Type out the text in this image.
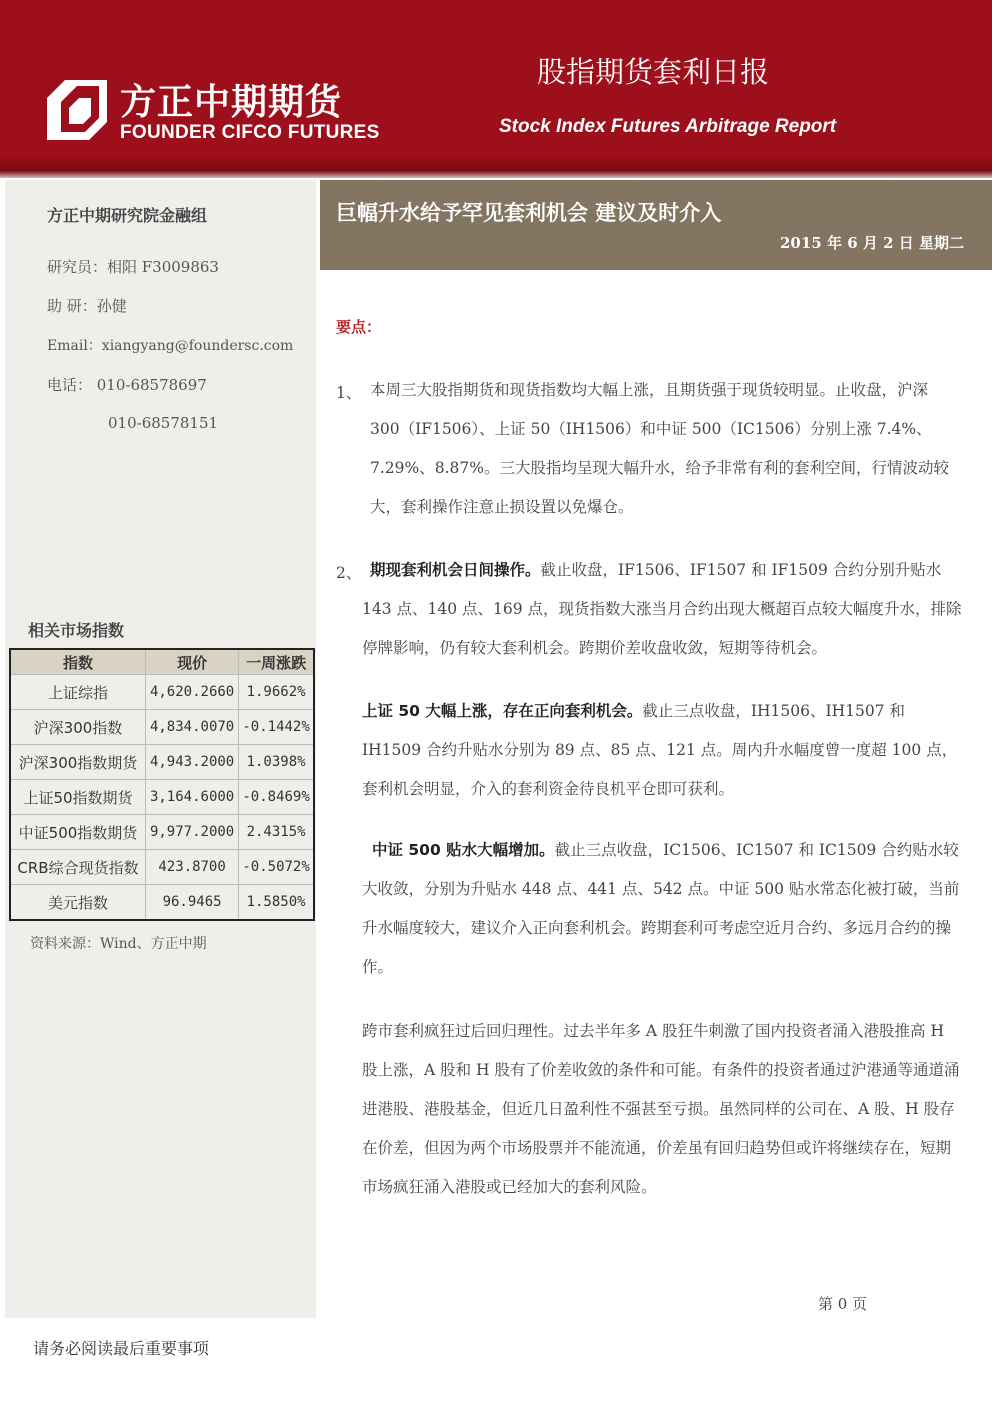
方正中期期货
FOUNDER CIFCO FUTURES
股指期货套利日报
Stock Index Futures Arbitrage Report
方正中期研究院金融组
研究员：相阳 F3009863
助 研：孙健
Email：xiangyang@foundersc.com
电话： 010-68578697
010-68578151
相关市场指数
指数	现价	一周涨跌
上证综指	4,620.2660	1.9662%
沪深300指数	4,834.0070	-0.1442%
沪深300指数期货	4,943.2000	1.0398%
上证50指数期货	3,164.6000	-0.8469%
中证500指数期货	9,977.2000	2.4315%
CRB综合现货指数	423.8700	-0.5072%
美元指数	96.9465	1.5850%
资料来源：Wind、方正中期
巨幅升水给予罕见套利机会 建议及时介入
2015 年 6 月 2 日 星期二
要点：
1、 本周三大股指期货和现货指数均大幅上涨，且期货强于现货较明显。止收盘，沪深 300（IF1506）、上证 50（IH1506）和中证 500（IC1506）分别上涨 7.4%、7.29%、8.87%。三大股指均呈现大幅升水，给予非常有利的套利空间，行情波动较大，套利操作注意止损设置以免爆仓。
2、 期现套利机会日间操作。截止收盘，IF1506、IF1507 和 IF1509 合约分别升贴水 143 点、140 点、169 点，现货指数大涨当月合约出现大概超百点较大幅度升水，排除停牌影响，仍有较大套利机会。跨期价差收盘收敛，短期等待机会。
上证 50 大幅上涨，存在正向套利机会。截止三点收盘，IH1506、IH1507 和 IH1509 合约升贴水分别为 89 点、85 点、121 点。周内升水幅度曾一度超 100 点，套利机会明显，介入的套利资金待良机平仓即可获利。
中证 500 贴水大幅增加。截止三点收盘，IC1506、IC1507 和 IC1509 合约贴水较大收敛，分别为升贴水 448 点、441 点、542 点。中证 500 贴水常态化被打破，当前升水幅度较大，建议介入正向套利机会。跨期套利可考虑空近月合约、多远月合约的操作。
跨市套利疯狂过后回归理性。过去半年多 A 股狂牛刺激了国内投资者涌入港股推高 H 股上涨，A 股和 H 股有了价差收敛的条件和可能。有条件的投资者通过沪港通等通道涌进港股、港股基金，但近几日盈利性不强甚至亏损。虽然同样的公司在、A 股、H 股存在价差，但因为两个市场股票并不能流通，价差虽有回归趋势但或许将继续存在，短期市场疯狂涌入港股或已经加大的套利风险。
第 0 页
请务必阅读最后重要事项
